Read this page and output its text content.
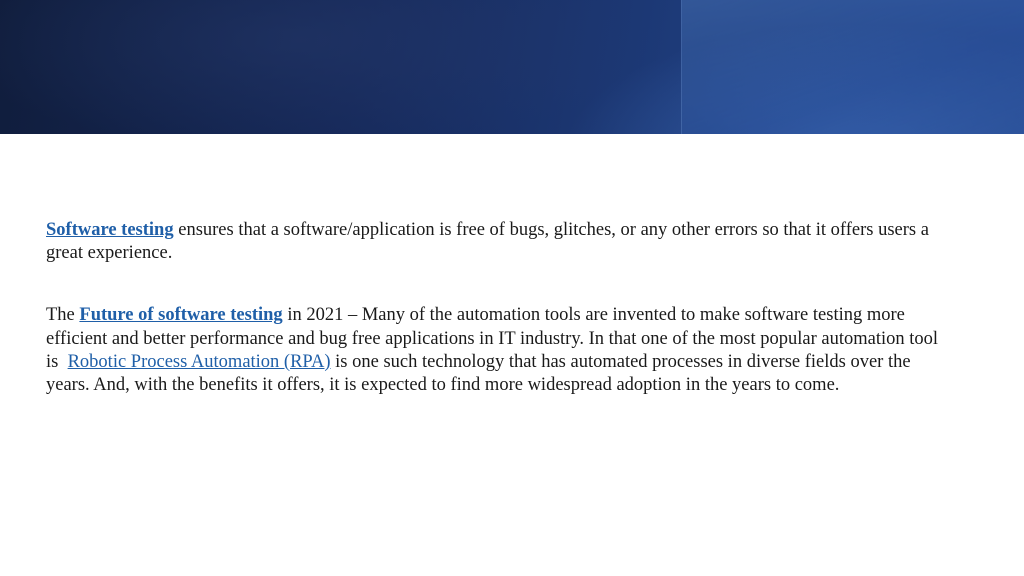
Software testing ensures that a software/application is free of bugs, glitches, or any other errors so that it offers users a great experience.

The Future of software testing in 2021 – Many of the automation tools are invented to make software testing more efficient and better performance and bug free applications in IT industry. In that one of the most popular automation tool is  Robotic Process Automation (RPA) is one such technology that has automated processes in diverse fields over the years. And, with the benefits it offers, it is expected to find more widespread adoption in the years to come.
